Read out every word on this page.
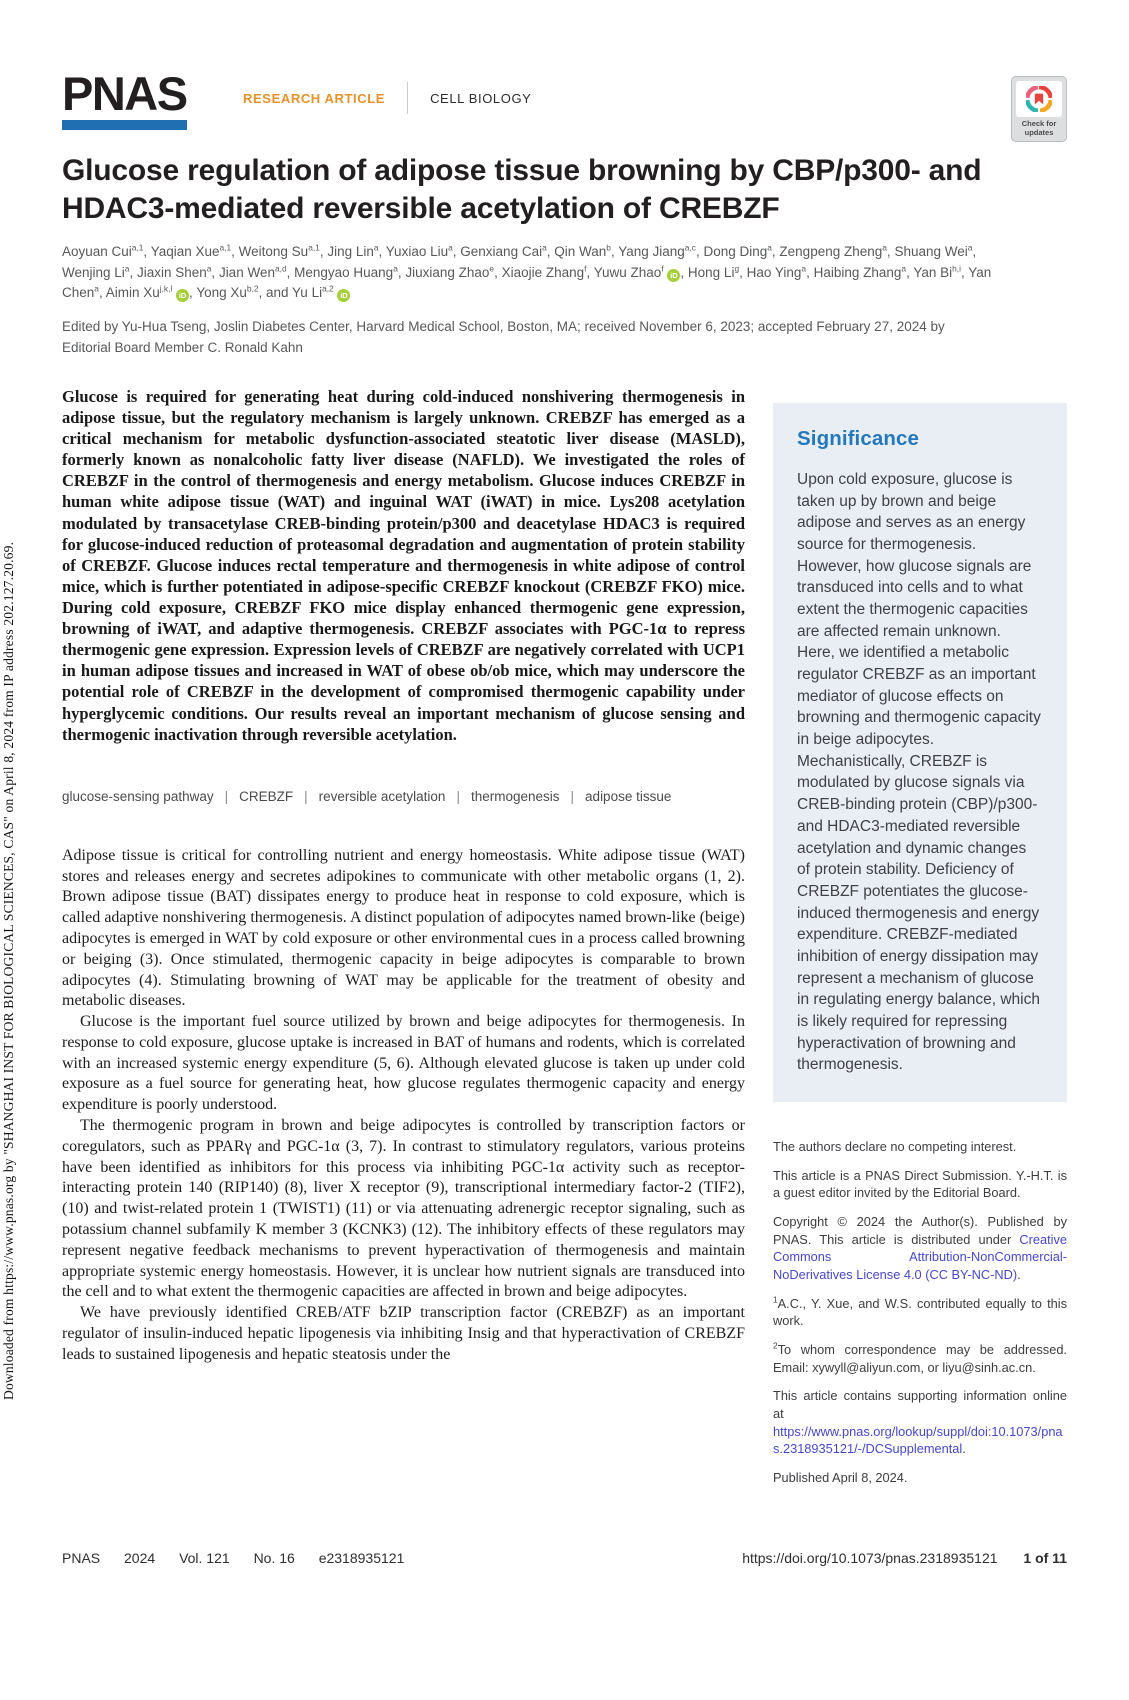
Downloaded from https://www.pnas.org by "SHANGHAI INST FOR BIOLOGICAL SCIENCES, CAS" on April 8, 2024 from IP address 202.127.20.69.
PNAS
	RESEARCH ARTICLE	CELL BIOLOGY
Check for updates
Glucose regulation of adipose tissue browning by CBP/p300- and HDAC3-mediated reversible acetylation of CREBZF
Aoyuan Cui$^{a,1}$, Yaqian Xue$^{a,1}$, Weitong Su$^{a,1}$, Jing Lin$^a$, Yuxiao Liu$^a$, Genxiang Cai$^a$, Qin Wan$^b$, Yang Jiang$^{a,c}$, Dong Ding$^a$, Zengpeng Zheng$^a$, Shuang Wei$^a$, Wenjing Li$^a$, Jiaxin Shen$^a$, Jian Wen$^{a,d}$, Mengyao Huang$^a$, Jiuxiang Zhao$^e$, Xiaojie Zhang$^f$, Yuwu Zhao$^f$ iD , Hong Li$^g$, Hao Ying$^a$, Haibing Zhang$^a$, Yan Bi$^{h,i}$, Yan Chen$^a$, Aimin Xu$^{j,k,l}$ iD , Yong Xu$^{b,2}$, and Yu Li$^{a,2}$ iD
Edited by Yu-Hua Tseng, Joslin Diabetes Center, Harvard Medical School, Boston, MA; received November 6, 2023; accepted February 27, 2024 by Editorial Board Member C. Ronald Kahn
Glucose is required for generating heat during cold-induced nonshivering thermogenesis in adipose tissue, but the regulatory mechanism is largely unknown. CREBZF has emerged as a critical mechanism for metabolic dysfunction-associated steatotic liver disease (MASLD), formerly known as nonalcoholic fatty liver disease (NAFLD). We investigated the roles of CREBZF in the control of thermogenesis and energy metabolism. Glucose induces CREBZF in human white adipose tissue (WAT) and inguinal WAT (iWAT) in mice. Lys208 acetylation modulated by transacetylase CREB-binding protein/p300 and deacetylase HDAC3 is required for glucose-induced reduction of proteasomal degradation and augmentation of protein stability of CREBZF. Glucose induces rectal temperature and thermogenesis in white adipose of control mice, which is further potentiated in adipose-specific CREBZF knockout (CREBZF FKO) mice. During cold exposure, CREBZF FKO mice display enhanced thermogenic gene expression, browning of iWAT, and adaptive thermogenesis. CREBZF associates with PGC-1α to repress thermogenic gene expression. Expression levels of CREBZF are negatively correlated with UCP1 in human adipose tissues and increased in WAT of obese ob/ob mice, which may underscore the potential role of CREBZF in the development of compromised thermogenic capability under hyperglycemic conditions. Our results reveal an important mechanism of glucose sensing and thermogenic inactivation through reversible acetylation.
glucose-sensing pathway | CREBZF | reversible acetylation | thermogenesis | adipose tissue

Adipose tissue is critical for controlling nutrient and energy homeostasis. White adipose tissue (WAT) stores and releases energy and secretes adipokines to communicate with other metabolic organs (1, 2). Brown adipose tissue (BAT) dissipates energy to produce heat in response to cold exposure, which is called adaptive nonshivering thermogenesis. A distinct population of adipocytes named brown-like (beige) adipocytes is emerged in WAT by cold exposure or other environmental cues in a process called browning or beiging (3). Once stimulated, thermogenic capacity in beige adipocytes is comparable to brown adipocytes (4). Stimulating browning of WAT may be applicable for the treatment of obesity and metabolic diseases.

Glucose is the important fuel source utilized by brown and beige adipocytes for thermogenesis. In response to cold exposure, glucose uptake is increased in BAT of humans and rodents, which is correlated with an increased systemic energy expenditure (5, 6). Although elevated glucose is taken up under cold exposure as a fuel source for generating heat, how glucose regulates thermogenic capacity and energy expenditure is poorly understood.

The thermogenic program in brown and beige adipocytes is controlled by transcription factors or coregulators, such as PPARγ and PGC-1α (3, 7). In contrast to stimulatory regulators, various proteins have been identified as inhibitors for this process via inhibiting PGC-1α activity such as receptor-interacting protein 140 (RIP140) (8), liver X receptor (9), transcriptional intermediary factor-2 (TIF2), (10) and twist-related protein 1 (TWIST1) (11) or via attenuating adrenergic receptor signaling, such as potassium channel subfamily K member 3 (KCNK3) (12). The inhibitory effects of these regulators may represent negative feedback mechanisms to prevent hyperactivation of thermogenesis and maintain appropriate systemic energy homeostasis. However, it is unclear how nutrient signals are transduced into the cell and to what extent the thermogenic capacities are affected in brown and beige adipocytes.

We have previously identified CREB/ATF bZIP transcription factor (CREBZF) as an important regulator of insulin-induced hepatic lipogenesis via inhibiting Insig and that hyperactivation of CREBZF leads to sustained lipogenesis and hepatic steatosis under the

Significance

Upon cold exposure, glucose is taken up by brown and beige adipose and serves as an energy source for thermogenesis. However, how glucose signals are transduced into cells and to what extent the thermogenic capacities are affected remain unknown. Here, we identified a metabolic regulator CREBZF as an important mediator of glucose effects on browning and thermogenic capacity in beige adipocytes. Mechanistically, CREBZF is modulated by glucose signals via CREB-binding protein (CBP)/p300- and HDAC3-mediated reversible acetylation and dynamic changes of protein stability. Deficiency of CREBZF potentiates the glucose-induced thermogenesis and energy expenditure. CREBZF-mediated inhibition of energy dissipation may represent a mechanism of glucose in regulating energy balance, which is likely required for repressing hyperactivation of browning and thermogenesis.

The authors declare no competing interest.

This article is a PNAS Direct Submission. Y.-H.T. is a guest editor invited by the Editorial Board.

Copyright © 2024 the Author(s). Published by PNAS. This article is distributed under Creative Commons Attribution-NonCommercial-NoDerivatives License 4.0 (CC BY-NC-ND).

$^1$A.C., Y. Xue, and W.S. contributed equally to this work.

$^2$To whom correspondence may be addressed. Email: xywyll@aliyun.com, or liyu@sinh.ac.cn.

This article contains supporting information online at https://www.pnas.org/lookup/suppl/doi:10.1073/pnas.2318935121/-/DCSupplemental.

Published April 8, 2024.

PNAS 2024 Vol. 121 No. 16 e2318935121	https://doi.org/10.1073/pnas.2318935121 1 of 11
